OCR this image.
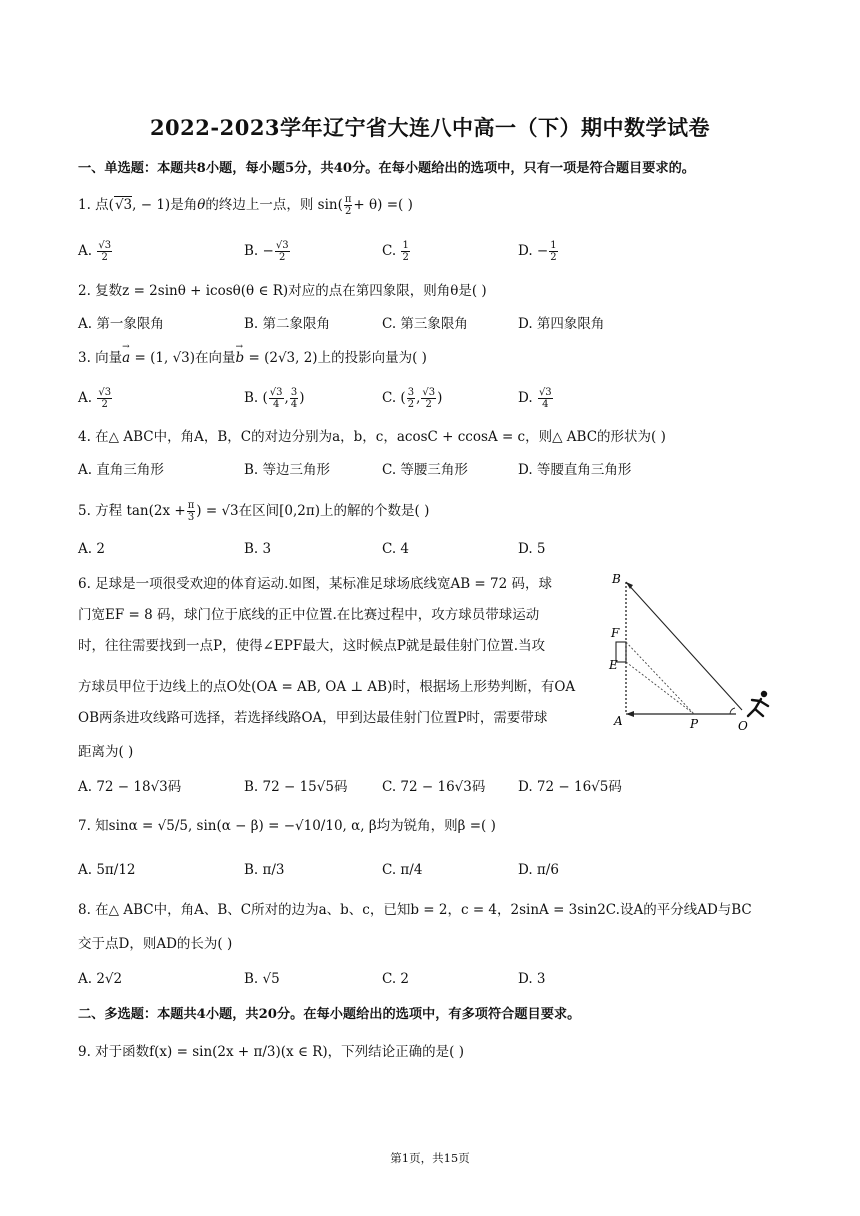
2022-2023学年辽宁省大连八中高一（下）期中数学试卷
一、单选题：本题共8小题，每小题5分，共40分。在每小题给出的选项中，只有一项是符合题目要求的。
1. 点(√3, − 1)是角θ的终边上一点，则 $\sin( \frac{\pi}{2} + \theta)$ =( )
A. $\frac{√3}{2}$	B. − $\frac{√3}{2}$	C. $\frac{1}{2}$	D. − $\frac{1}{2}$
2. 复数z = 2sinθ + icosθ(θ ∈ R)对应的点在第四象限，则角θ是( )
A. 第一象限角	B. 第二象限角	C. 第三象限角	D. 第四象限角
3. 向量→ a = (1, √3)在向量→ b = (2√3, 2)上的投影向量为( )
A. $\frac{√3}{2}$	B. ( $\frac{√3}{4}$ , $\frac{3}{4}$ )	C. ( $\frac{3}{2}$ , $\frac{√3}{2}$ )	D. $\frac{√3}{4}$
4. 在△ ABC中，角A，B，C的对边分别为a，b，c，acosC + ccosA = c，则△ ABC的形状为( )
A. 直角三角形	B. 等边三角形	C. 等腰三角形	D. 等腰直角三角形
5. 方程 $\tan(2x + \frac{\pi}{3}$ ) = √3在区间[0,2π)上的解的个数是( )
A. 2	B. 3	C. 4	D. 5
6. 足球是一项很受欢迎的体育运动.如图，某标准足球场底线宽AB = 72 码，球
门宽EF = 8 码，球门位于底线的正中位置.在比赛过程中，攻方球员带球运动
时，往往需要找到一点P，使得∠EPF最大，这时候点P就是最佳射门位置.当攻
方球员甲位于边线上的点O处(OA = AB, OA ⊥ AB)时，根据场上形势判断，有OA
OB两条进攻线路可选择，若选择线路OA，甲到达最佳射门位置P时，需要带球
距离为( )
B
F
E
A	P	O
A. 72 − 18√3码	B. 72 − 15√5码	C. 72 − 16√3码 D. 72 − 16√5码
7. 知sinα = √5/5, sin(α − β) = −√10/10, α, β均为锐角，则β =( )
A. 5π/12	B. π/3	C. π/4	D. π/6
8. 在△ ABC中，角A、B、C所对的边为a、b、c，已知b = 2，c = 4，2sinA = 3sin2C.设A的平分线AD与BC
交于点D，则AD的长为( )
A. 2√2	B. √5	C. 2	D. 3
二、多选题：本题共4小题，共20分。在每小题给出的选项中，有多项符合题目要求。
9. 对于函数f(x) = sin(2x + π/3)(x ∈ R)，下列结论正确的是( )
第1页，共15页
